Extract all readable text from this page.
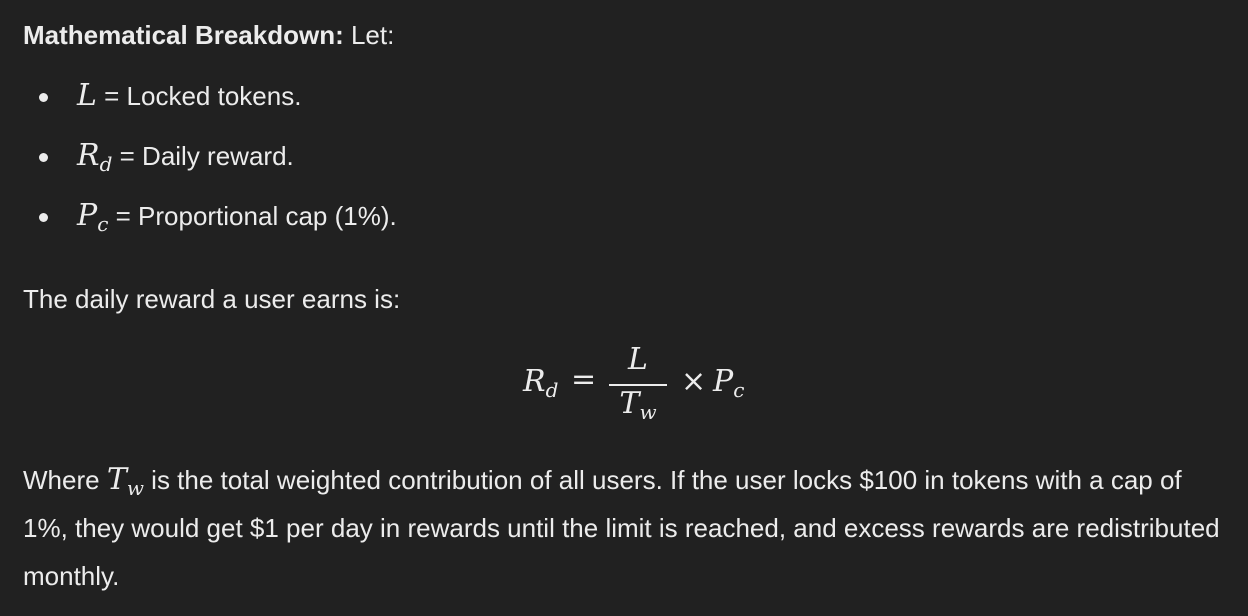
Mathematical Breakdown: Let:
L = Locked tokens.
$R_d$ = Daily reward.
$P_c$ = Proportional cap (1%).
The daily reward a user earns is:
$R_d$ =
L
$T_w$
× $P_c$
Where $T_w$ is the total weighted contribution of all users. If the user locks $100 in tokens with a cap of 1%, they would get $1 per day in rewards until the limit is reached, and excess rewards are redistributed monthly.
